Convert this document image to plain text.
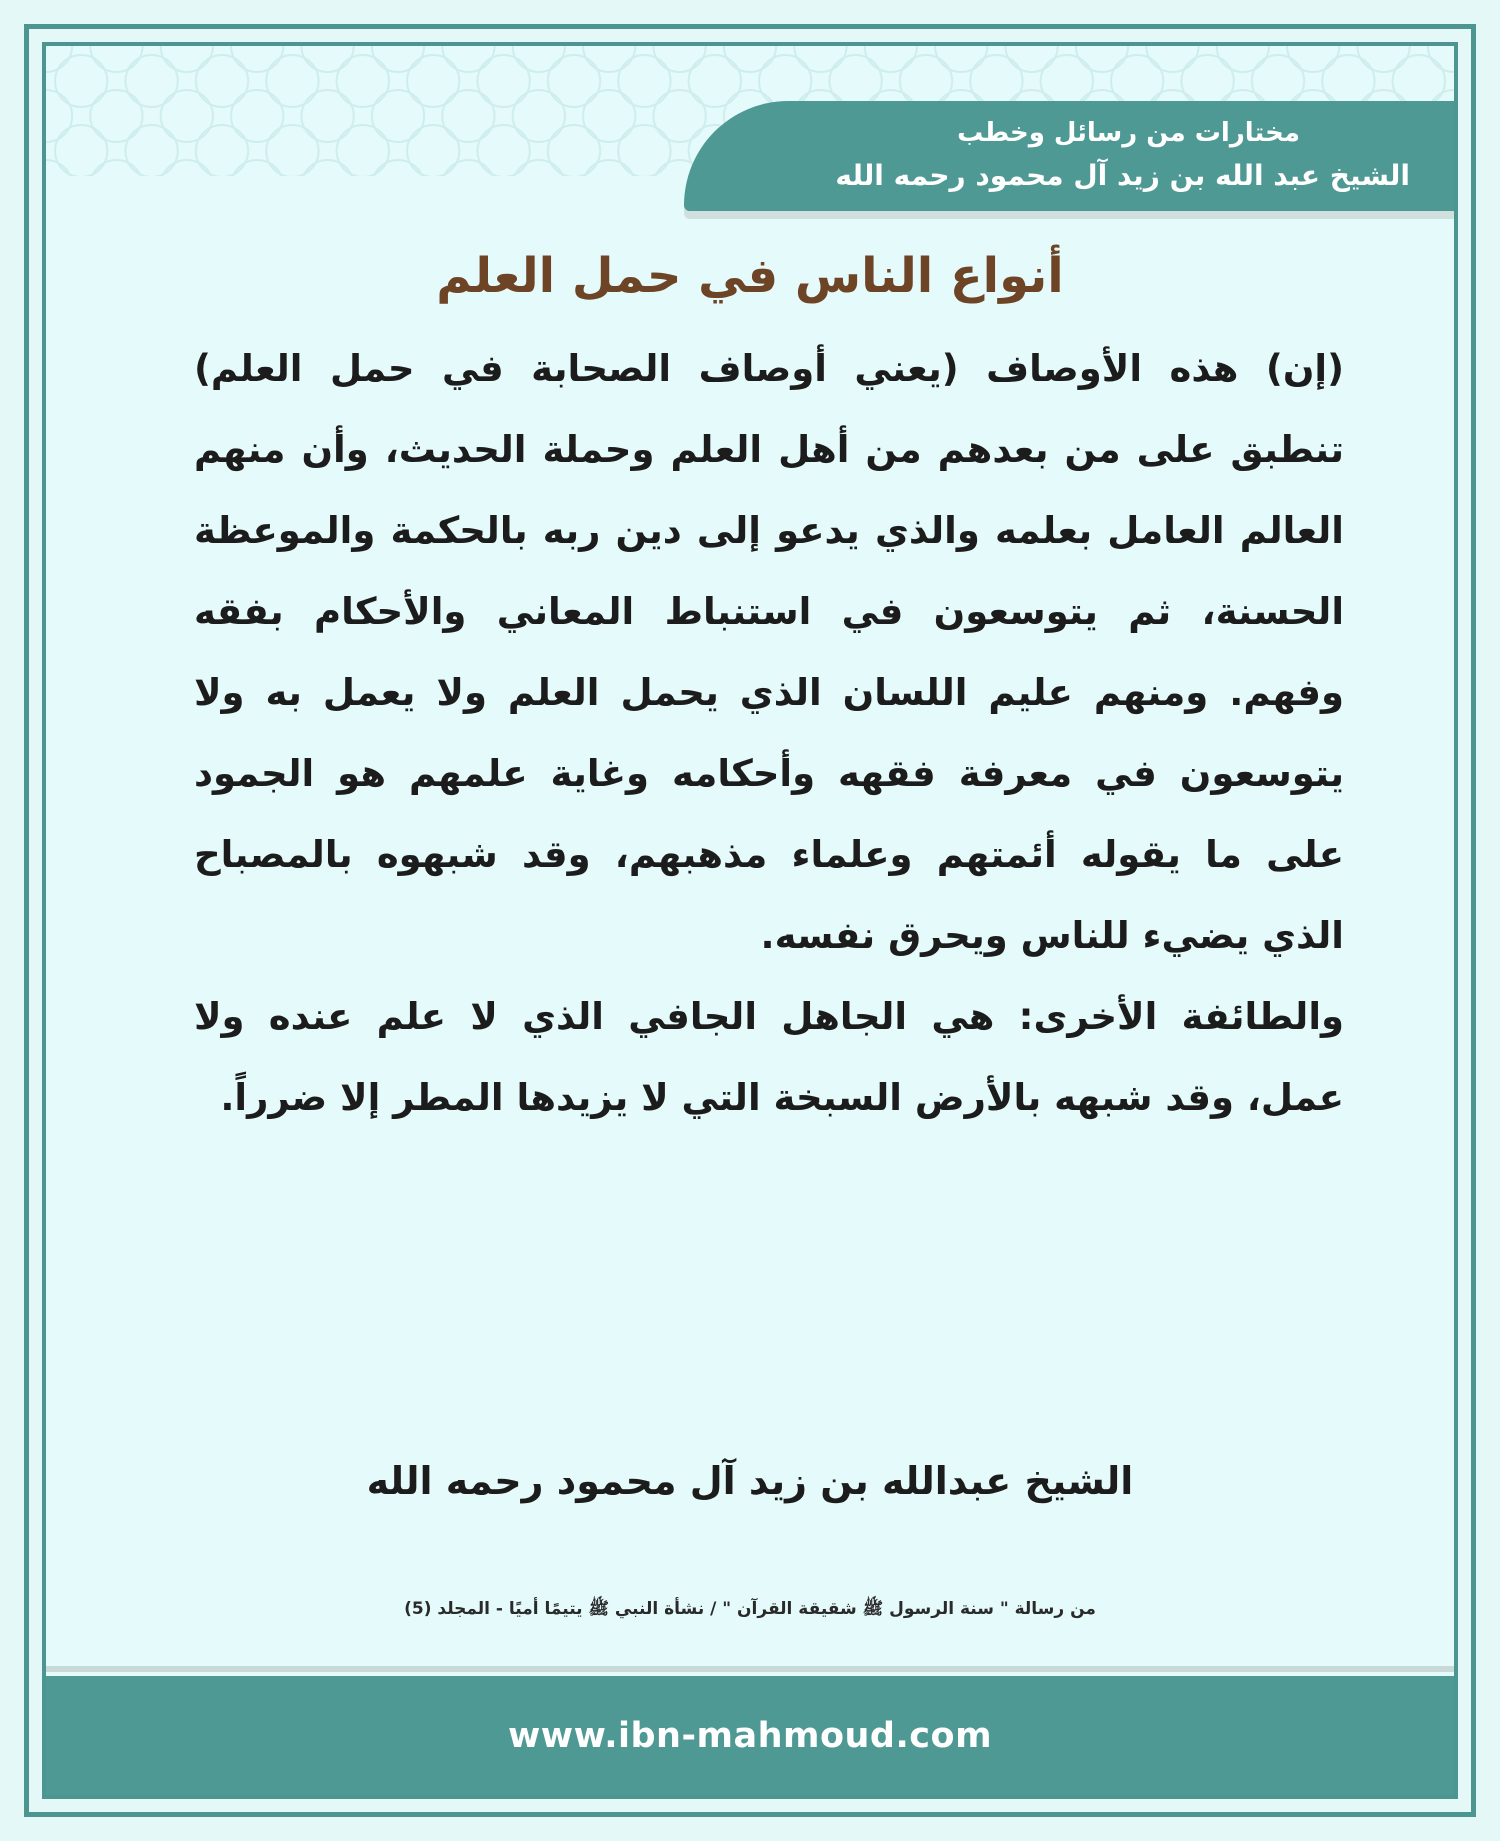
مختارات من رسائل وخطب
الشيخ عبد الله بن زيد آل محمود رحمه الله
أنواع الناس في حمل العلم

(إن) هذه الأوصاف (يعني أوصاف الصحابة في حمل العلم) تنطبق على من بعدهم من أهل العلم وحملة الحديث، وأن منهم العالم العامل بعلمه والذي يدعو إلى دين ربه بالحكمة والموعظة الحسنة، ثم يتوسعون في استنباط المعاني والأحكام بفقه وفهم. ومنهم عليم اللسان الذي يحمل العلم ولا يعمل به ولا يتوسعون في معرفة فقهه وأحكامه وغاية علمهم هو الجمود على ما يقوله أئمتهم وعلماء مذهبهم، وقد شبهوه بالمصباح الذي يضيء للناس ويحرق نفسه.

والطائفة الأخرى: هي الجاهل الجافي الذي لا علم عنده ولا عمل، وقد شبهه بالأرض السبخة التي لا يزيدها المطر إلا ضرراً.

الشيخ عبدالله بن زيد آل محمود رحمه الله
من رسالة " سنة الرسول ﷺ شقيقة القرآن " / نشأة النبي ﷺ يتيمًا أميًا - المجلد (5)
www.ibn-mahmoud.com
